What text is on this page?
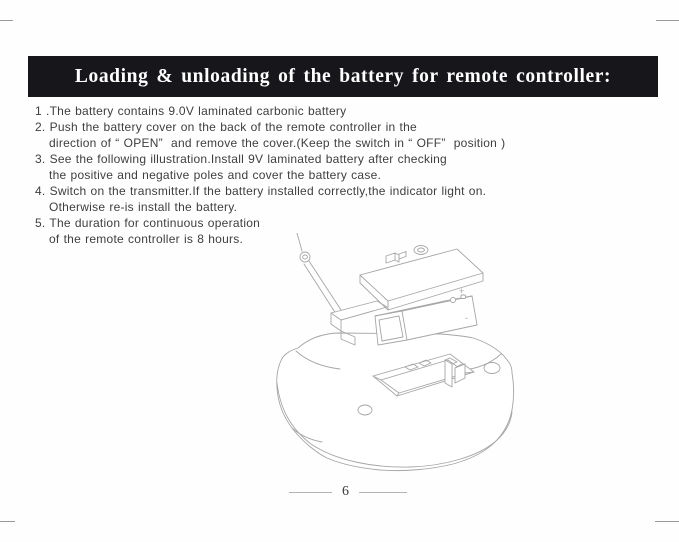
Loading & unloading of the battery for remote controller:
1 .The battery contains 9.0V laminated carbonic battery
2. Push the battery cover on the back of the remote controller in the
direction of “ OPEN”  and remove the cover.(Keep the switch in “ OFF”  position )
3. See the following illustration.Install 9V laminated battery after checking
the positive and negative poles and cover the battery case.
4. Switch on the transmitter.If the battery installed correctly,the indicator light on.
Otherwise re-is install the battery.
5. The duration for continuous operation
of the remote controller is 8 hours.
+
-
6
